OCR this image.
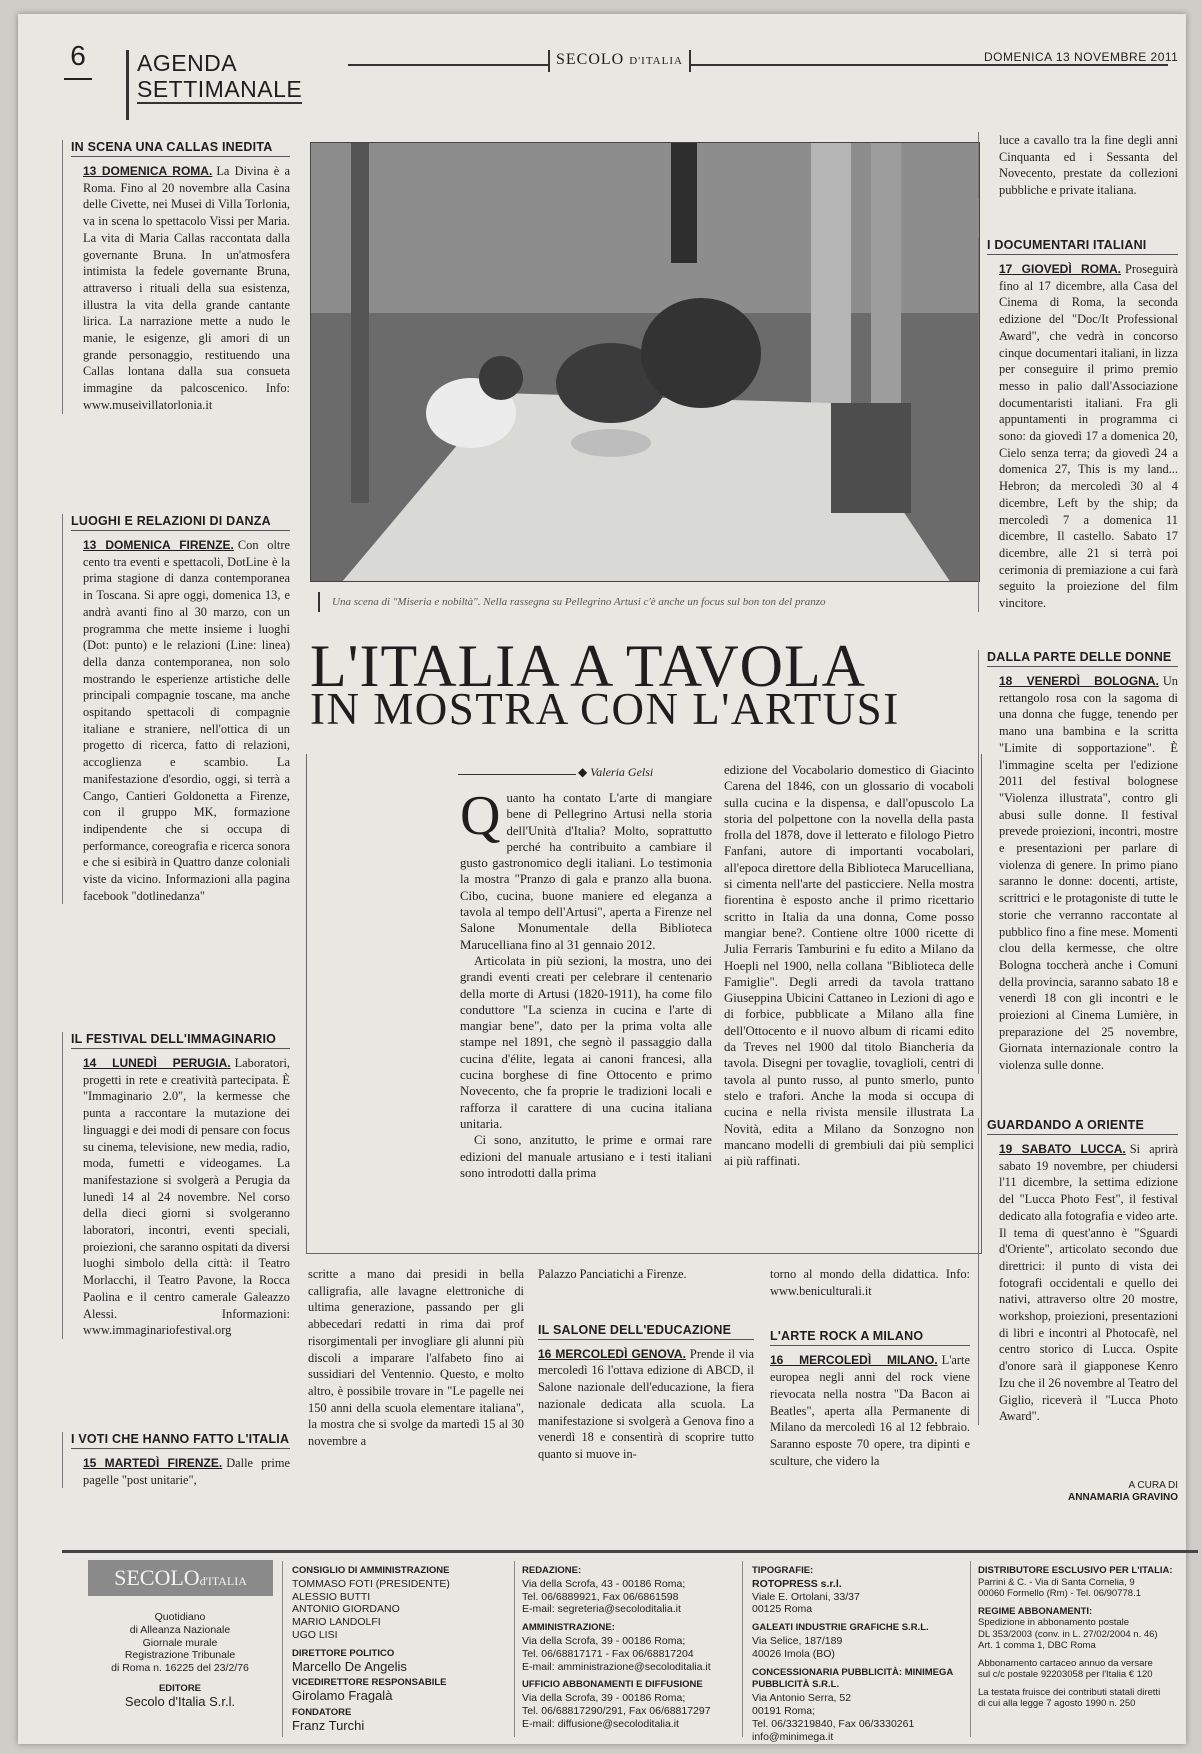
6 AGENDA
SETTIMANALE
SECOLO D'ITALIA	DOMENICA 13 NOVEMBRE 2011
IN SCENA UNA CALLAS INEDITA
13 DOMENICA ROMA. La Divina è a Roma. Fino al 20 novembre alla Casina delle Civette, nei Musei di Villa Torlonia, va in scena lo spettacolo Vissi per Maria. La vita di Maria Callas raccontata dalla governante Bruna. In un'atmosfera intimista la fedele governante Bruna, attraverso i rituali della sua esistenza, illustra la vita della grande cantante lirica. La narrazione mette a nudo le manie, le esigenze, gli amori di un grande personaggio, restituendo una Callas lontana dalla sua consueta immagine da palcoscenico. Info: www.museivillatorlonia.it
LUOGHI E RELAZIONI DI DANZA
13 DOMENICA FIRENZE. Con oltre cento tra eventi e spettacoli, DotLine è la prima stagione di danza contemporanea in Toscana. Si apre oggi, domenica 13, e andrà avanti fino al 30 marzo, con un programma che mette insieme i luoghi (Dot: punto) e le relazioni (Line: linea) della danza contemporanea, non solo mostrando le esperienze artistiche delle principali compagnie toscane, ma anche ospitando spettacoli di compagnie italiane e straniere, nell'ottica di un progetto di ricerca, fatto di relazioni, accoglienza e scambio. La manifestazione d'esordio, oggi, si terrà a Cango, Cantieri Goldonetta a Firenze, con il gruppo MK, formazione indipendente che si occupa di performance, coreografia e ricerca sonora e che si esibirà in Quattro danze coloniali viste da vicino. Informazioni alla pagina facebook "dotlinedanza"
IL FESTIVAL DELL'IMMAGINARIO
14 LUNEDÌ PERUGIA. Laboratori, progetti in rete e creatività partecipata. È "Immaginario 2.0", la kermesse che punta a raccontare la mutazione dei linguaggi e dei modi di pensare con focus su cinema, televisione, new media, radio, moda, fumetti e videogames. La manifestazione si svolgerà a Perugia da lunedì 14 al 24 novembre. Nel corso della dieci giorni si svolgeranno laboratori, incontri, eventi speciali, proiezioni, che saranno ospitati da diversi luoghi simbolo della città: il Teatro Morlacchi, il Teatro Pavone, la Rocca Paolina e il centro camerale Galeazzo Alessi. Informazioni: www.immaginariofestival.org
I VOTI CHE HANNO FATTO L'ITALIA
15 MARTEDÌ FIRENZE. Dalle prime pagelle "post unitarie",
Una scena di "Miseria e nobiltà". Nella rassegna su Pellegrino Artusi c'è anche un focus sul bon ton del pranzo
L'ITALIA A TAVOLA
IN MOSTRA CON L'ARTUSI
◆ Valeria Gelsi

Quanto ha contato L'arte di mangiare bene di Pellegrino Artusi nella storia dell'Unità d'Italia? Molto, soprattutto perché ha contribuito a cambiare il gusto gastronomico degli italiani. Lo testimonia la mostra "Pranzo di gala e pranzo alla buona. Cibo, cucina, buone maniere ed eleganza a tavola al tempo dell'Artusi", aperta a Firenze nel Salone Monumentale della Biblioteca Marucelliana fino al 31 gennaio 2012.

Articolata in più sezioni, la mostra, uno dei grandi eventi creati per celebrare il centenario della morte di Artusi (1820-1911), ha come filo conduttore "La scienza in cucina e l'arte di mangiar bene", dato per la prima volta alle stampe nel 1891, che segnò il passaggio dalla cucina d'élite, legata ai canoni francesi, alla cucina borghese di fine Ottocento e primo Novecento, che fa proprie le tradizioni locali e rafforza il carattere di una cucina italiana unitaria.

Ci sono, anzitutto, le prime e ormai rare edizioni del manuale artusiano e i testi italiani sono introdotti dalla prima

edizione del Vocabolario domestico di Giacinto Carena del 1846, con un glossario di vocaboli sulla cucina e la dispensa, e dall'opuscolo La storia del polpettone con la novella della pasta frolla del 1878, dove il letterato e filologo Pietro Fanfani, autore di importanti vocabolari, all'epoca direttore della Biblioteca Marucelliana, si cimenta nell'arte del pasticciere. Nella mostra fiorentina è esposto anche il primo ricettario scritto in Italia da una donna, Come posso mangiar bene?. Contiene oltre 1000 ricette di Julia Ferraris Tamburini e fu edito a Milano da Hoepli nel 1900, nella collana "Biblioteca delle Famiglie". Degli arredi da tavola trattano Giuseppina Ubicini Cattaneo in Lezioni di ago e di forbice, pubblicate a Milano alla fine dell'Ottocento e il nuovo album di ricami edito da Treves nel 1900 dal titolo Biancheria da tavola. Disegni per tovaglie, tovaglioli, centri di tavola al punto russo, al punto smerlo, punto stelo e trafori. Anche la moda si occupa di cucina e nella rivista mensile illustrata La Novità, edita a Milano da Sonzogno non mancano modelli di grembiuli dai più semplici ai più raffinati.

luce a cavallo tra la fine degli anni Cinquanta ed i Sessanta del Novecento, prestate da collezioni pubbliche e private italiana.
I DOCUMENTARI ITALIANI
17 GIOVEDÌ ROMA. Proseguirà fino al 17 dicembre, alla Casa del Cinema di Roma, la seconda edizione del "Doc/It Professional Award", che vedrà in concorso cinque documentari italiani, in lizza per conseguire il primo premio messo in palio dall'Associazione documentaristi italiani. Fra gli appuntamenti in programma ci sono: da giovedì 17 a domenica 20, Cielo senza terra; da giovedì 24 a domenica 27, This is my land... Hebron; da mercoledì 30 al 4 dicembre, Left by the ship; da mercoledì 7 a domenica 11 dicembre, Il castello. Sabato 17 dicembre, alle 21 si terrà poi cerimonia di premiazione a cui farà seguito la proiezione del film vincitore.
DALLA PARTE DELLE DONNE
18 VENERDÌ BOLOGNA. Un rettangolo rosa con la sagoma di una donna che fugge, tenendo per mano una bambina e la scritta "Limite di sopportazione". È l'immagine scelta per l'edizione 2011 del festival bolognese "Violenza illustrata", contro gli abusi sulle donne. Il festival prevede proiezioni, incontri, mostre e presentazioni per parlare di violenza di genere. In primo piano saranno le donne: docenti, artiste, scrittrici e le protagoniste di tutte le storie che verranno raccontate al pubblico fino a fine mese. Momenti clou della kermesse, che oltre Bologna toccherà anche i Comuni della provincia, saranno sabato 18 e venerdì 18 con gli incontri e le proiezioni al Cinema Lumière, in preparazione del 25 novembre, Giornata internazionale contro la violenza sulle donne.
GUARDANDO A ORIENTE
19 SABATO LUCCA. Si aprirà sabato 19 novembre, per chiudersi l'11 dicembre, la settima edizione del "Lucca Photo Fest", il festival dedicato alla fotografia e video arte. Il tema di quest'anno è "Sguardi d'Oriente", articolato secondo due direttrici: il punto di vista dei fotografi occidentali e quello dei nativi, attraverso oltre 20 mostre, workshop, proiezioni, presentazioni di libri e incontri al Photocafè, nel centro storico di Lucca. Ospite d'onore sarà il giapponese Kenro Izu che il 26 novembre al Teatro del Giglio, riceverà il "Lucca Photo Award".
A CURA DI
ANNAMARIA GRAVINO
scritte a mano dai presidi in bella calligrafia, alle lavagne elettroniche di ultima generazione, passando per gli abbecedari redatti in rima dai prof risorgimentali per invogliare gli alunni più discoli a imparare l'alfabeto fino ai sussidiari del Ventennio. Questo, e molto altro, è possibile trovare in "Le pagelle nei 150 anni della scuola elementare italiana", la mostra che si svolge da martedì 15 al 30 novembre a
Palazzo Panciatichi a Firenze.
IL SALONE DELL'EDUCAZIONE
16 MERCOLEDÌ GENOVA. Prende il via mercoledì 16 l'ottava edizione di ABCD, il Salone nazionale dell'educazione, la fiera nazionale dedicata alla scuola. La manifestazione si svolgerà a Genova fino a venerdì 18 e consentirà di scoprire tutto quanto si muove in-
torno al mondo della didattica. Info: www.beniculturali.it
L'ARTE ROCK A MILANO
16 MERCOLEDÌ MILANO. L'arte europea negli anni del rock viene rievocata nella nostra "Da Bacon ai Beatles", aperta alla Permanente di Milano da mercoledì 16 al 12 febbraio. Saranno esposte 70 opere, tra dipinti e sculture, che videro la
Quotidiano
di Alleanza Nazionale
Giornale murale
Registrazione Tribunale
di Roma n. 16225 del 23/2/76
EDITORE
Secolo d'Italia S.r.l.
CONSIGLIO DI AMMINISTRAZIONE
TOMMASO FOTI (PRESIDENTE)
ALESSIO BUTTI
ANTONIO GIORDANO
MARIO LANDOLFI
UGO LISI
DIRETTORE POLITICO
Marcello De Angelis
VICEDIRETTORE RESPONSABILE
Girolamo Fragalà
FONDATORE
Franz Turchi
REDAZIONE:
Via della Scrofa, 43 - 00186 Roma;
Tel. 06/6889921, Fax 06/6861598
E-mail: segreteria@secoloditalia.it
AMMINISTRAZIONE:
Via della Scrofa, 39 - 00186 Roma;
Tel. 06/68817171 - Fax 06/68817204
E-mail: amministrazione@secoloditalia.it
UFFICIO ABBONAMENTI E DIFFUSIONE
Via della Scrofa, 39 - 00186 Roma;
Tel. 06/68817290/291, Fax 06/68817297
E-mail: diffusione@secoloditalia.it
TIPOGRAFIE:
ROTOPRESS s.r.l.
Viale E. Ortolani, 33/37
00125 Roma
GALEATI INDUSTRIE GRAFICHE S.R.L.
Via Selice, 187/189
40026 Imola (BO)
CONCESSIONARIA PUBBLICITÀ: MINIMEGA PUBBLICITÀ S.R.L.
Via Antonio Serra, 52
00191 Roma;
Tel. 06/33219840, Fax 06/3330261
info@minimega.it
DISTRIBUTORE ESCLUSIVO PER L'ITALIA:
Parrini & C. - Via di Santa Cornelia, 9
00060 Formello (Rm) - Tel. 06/90778.1
REGIME ABBONAMENTI:
Spedizione in abbonamento postale
DL 353/2003 (conv. in L. 27/02/2004 n. 46)
Art. 1 comma 1, DBC Roma
Abbonamento cartaceo annuo da versare
sul c/c postale 92203058 per l'Italia € 120
La testata fruisce dei contributi statali diretti
di cui alla legge 7 agosto 1990 n. 250
SECOLOd'ITALIA
